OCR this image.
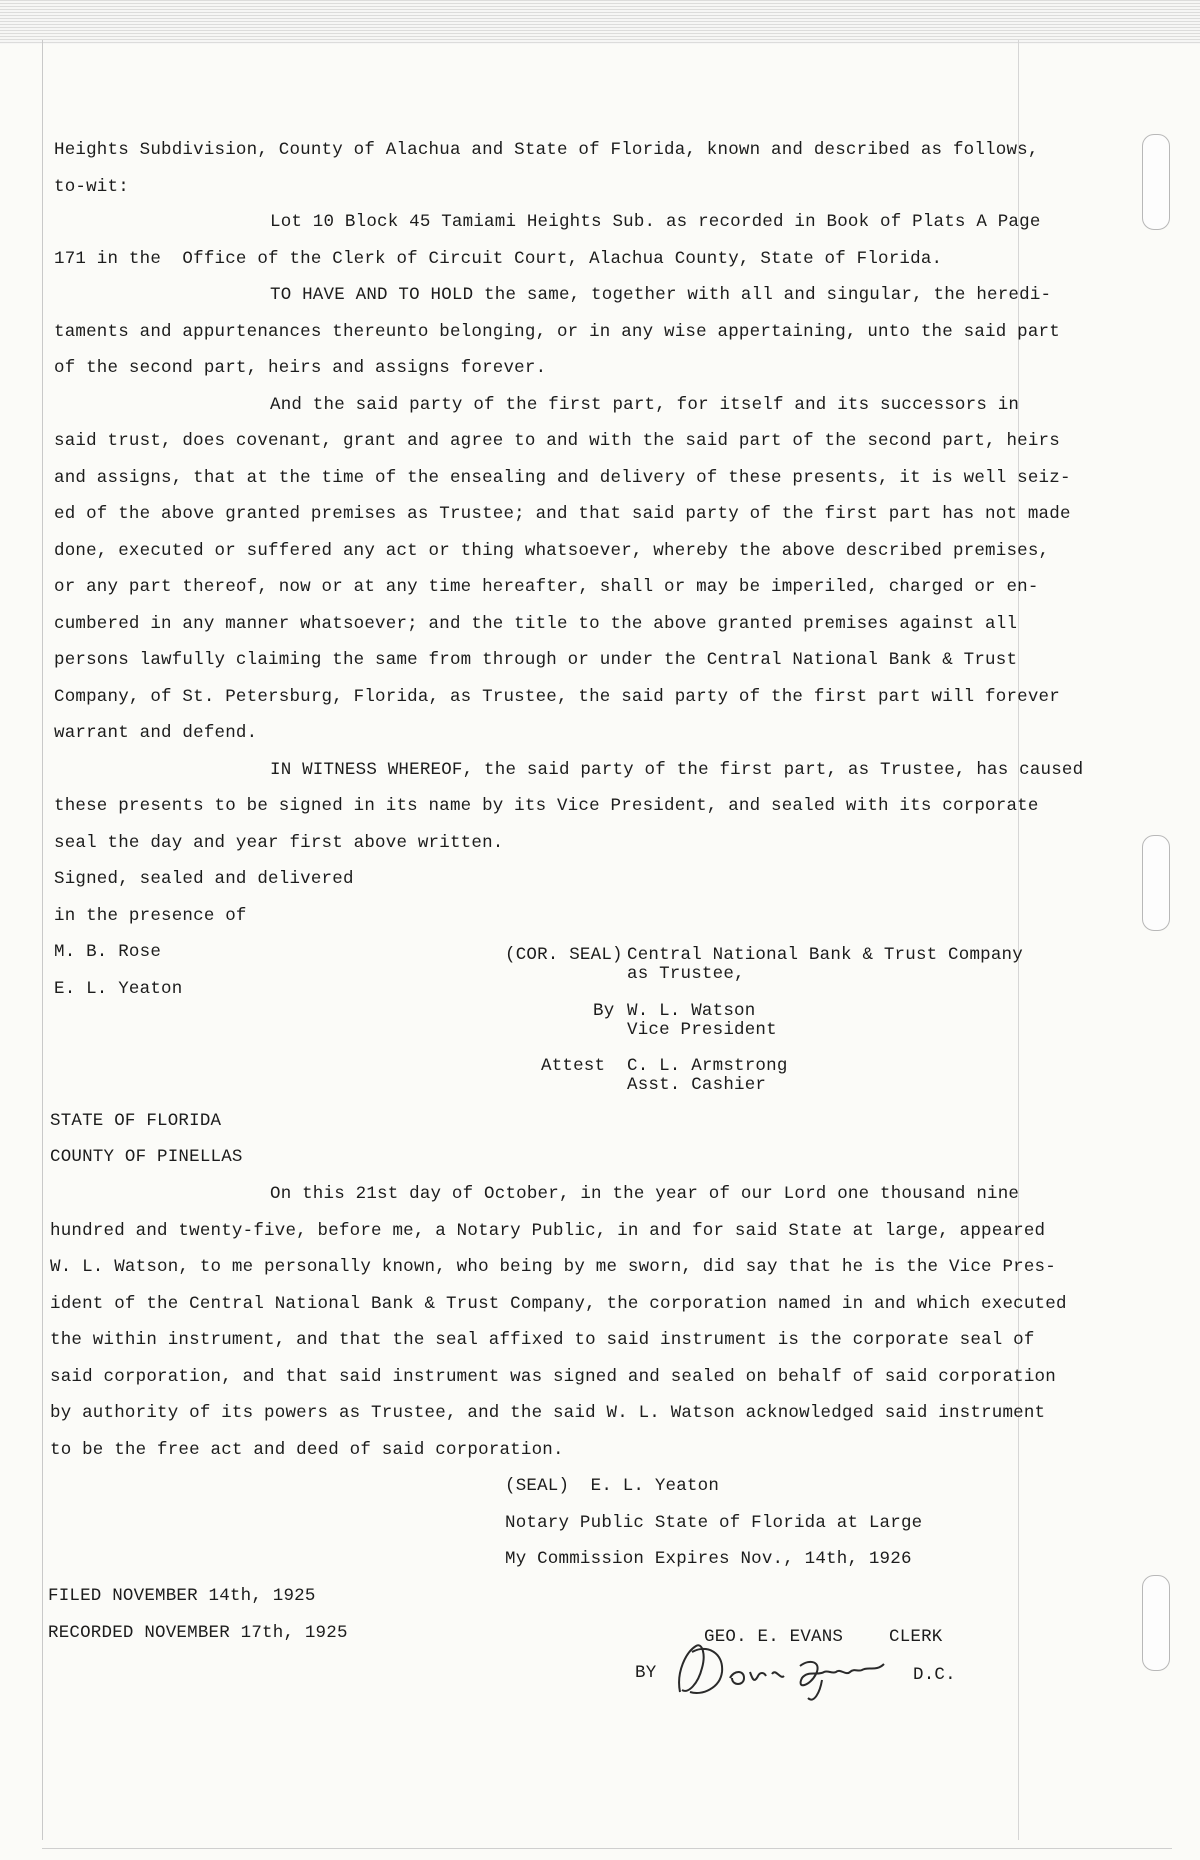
Heights Subdivision, County of Alachua and State of Florida, known and described as follows,
to-wit:
Lot 10 Block 45 Tamiami Heights Sub. as recorded in Book of Plats A Page
171 in the  Office of the Clerk of Circuit Court, Alachua County, State of Florida.
TO HAVE AND TO HOLD the same, together with all and singular, the heredi-
taments and appurtenances thereunto belonging, or in any wise appertaining, unto the said part
of the second part, heirs and assigns forever.
And the said party of the first part, for itself and its successors in
said trust, does covenant, grant and agree to and with the said part of the second part, heirs
and assigns, that at the time of the ensealing and delivery of these presents, it is well seiz-
ed of the above granted premises as Trustee; and that said party of the first part has not made
done, executed or suffered any act or thing whatsoever, whereby the above described premises,
or any part thereof, now or at any time hereafter, shall or may be imperiled, charged or en-
cumbered in any manner whatsoever; and the title to the above granted premises against all
persons lawfully claiming the same from through or under the Central National Bank & Trust
Company, of St. Petersburg, Florida, as Trustee, the said party of the first part will forever
warrant and defend.
IN WITNESS WHEREOF, the said party of the first part, as Trustee, has caused
these presents to be signed in its name by its Vice President, and sealed with its corporate
seal the day and year first above written.
Signed, sealed and delivered
in the presence of
M. B. Rose
E. L. Yeaton
(COR. SEAL) Central National Bank & Trust Company
as Trustee,
By W. L. Watson
Vice President
Attest C. L. Armstrong
Asst. Cashier
STATE OF FLORIDA
COUNTY OF PINELLAS
On this 21st day of October, in the year of our Lord one thousand nine
hundred and twenty-five, before me, a Notary Public, in and for said State at large, appeared
W. L. Watson, to me personally known, who being by me sworn, did say that he is the Vice Pres-
ident of the Central National Bank & Trust Company, the corporation named in and which executed
the within instrument, and that the seal affixed to said instrument is the corporate seal of
said corporation, and that said instrument was signed and sealed on behalf of said corporation
by authority of its powers as Trustee, and the said W. L. Watson acknowledged said instrument
to be the free act and deed of said corporation.
(SEAL)  E. L. Yeaton
Notary Public State of Florida at Large
My Commission Expires Nov., 14th, 1926
FILED NOVEMBER 14th, 1925
RECORDED NOVEMBER 17th, 1925	GEO. E. EVANS	CLERK
BY	D.C.
